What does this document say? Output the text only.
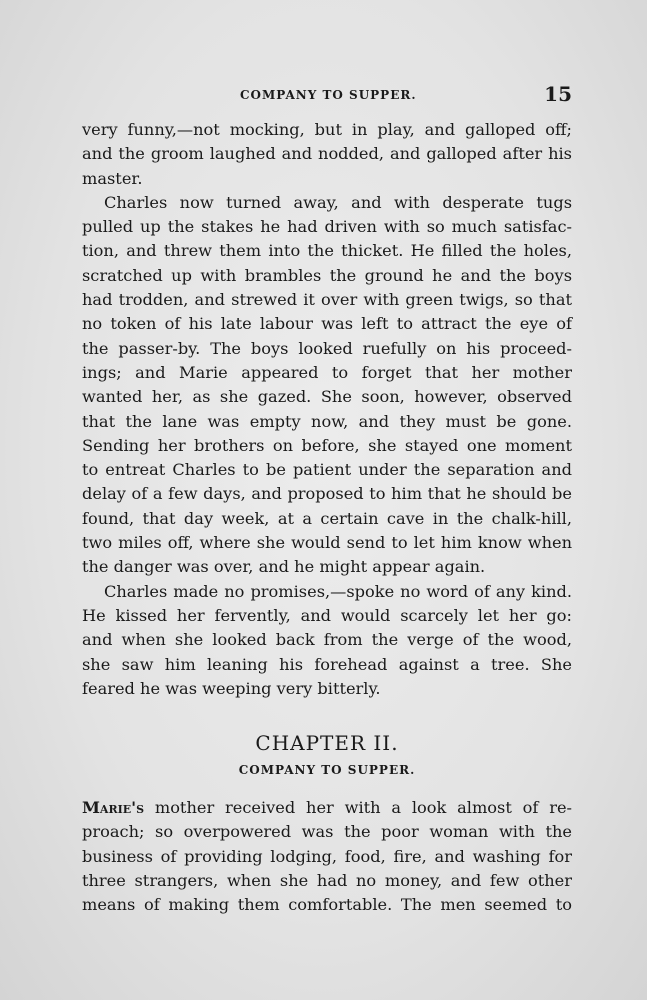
COMPANY TO SUPPER.	15
very funny,—not mocking, but in play, and galloped off;
and the groom laughed and nodded, and galloped after his
master.
Charles now turned away, and with desperate tugs
pulled up the stakes he had driven with so much satisfac-
tion, and threw them into the thicket. He filled the holes,
scratched up with brambles the ground he and the boys
had trodden, and strewed it over with green twigs, so that
no token of his late labour was left to attract the eye of
the passer-by. The boys looked ruefully on his proceed-
ings; and Marie appeared to forget that her mother
wanted her, as she gazed. She soon, however, observed
that the lane was empty now, and they must be gone.
Sending her brothers on before, she stayed one moment
to entreat Charles to be patient under the separation and
delay of a few days, and proposed to him that he should be
found, that day week, at a certain cave in the chalk-hill,
two miles off, where she would send to let him know when
the danger was over, and he might appear again.
Charles made no promises,—spoke no word of any kind.
He kissed her fervently, and would scarcely let her go:
and when she looked back from the verge of the wood,
she saw him leaning his forehead against a tree. She
feared he was weeping very bitterly.
CHAPTER II.
COMPANY TO SUPPER.
Marie's mother received her with a look almost of re-
proach; so overpowered was the poor woman with the
business of providing lodging, food, fire, and washing for
three strangers, when she had no money, and few other
means of making them comfortable. The men seemed to
